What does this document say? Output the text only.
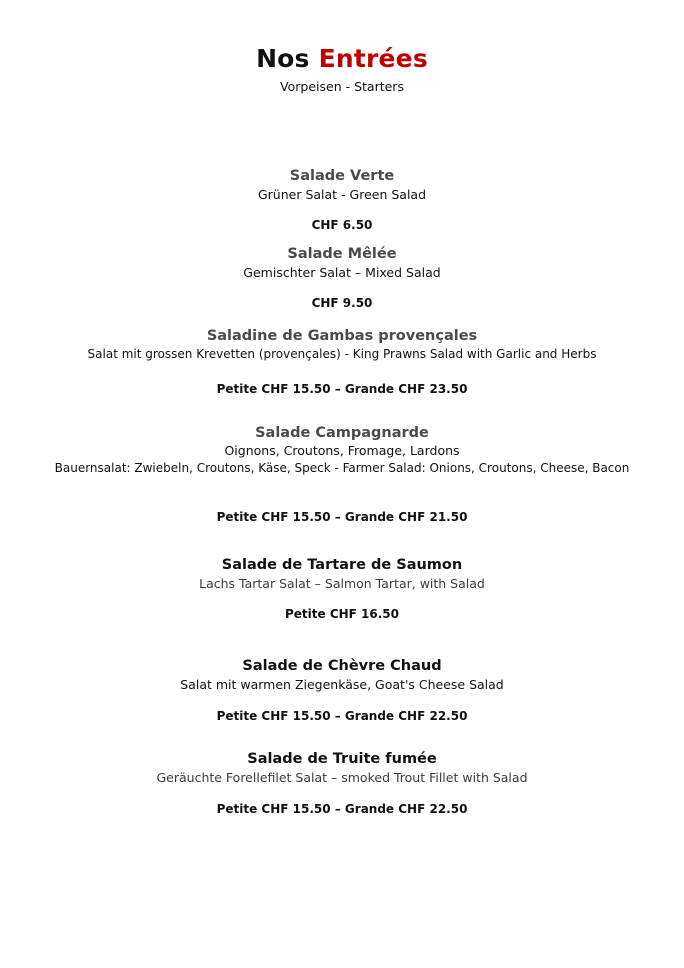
Nos Entrées
Vorpeisen - Starters
Salade Verte
Grüner Salat - Green Salad
CHF 6.50
Salade Mêlée
Gemischter Salat – Mixed Salad
CHF 9.50
Saladine de Gambas provençales
Salat mit grossen Krevetten (provençales) - King Prawns Salad with Garlic and Herbs
Petite CHF 15.50 – Grande CHF 23.50
Salade Campagnarde
Oignons, Croutons, Fromage, Lardons
Bauernsalat: Zwiebeln, Croutons, Käse, Speck - Farmer Salad: Onions, Croutons, Cheese, Bacon
Petite CHF 15.50 – Grande CHF 21.50
Salade de Tartare de Saumon
Lachs Tartar Salat – Salmon Tartar, with Salad
Petite CHF 16.50
Salade de Chèvre Chaud
Salat mit warmen Ziegenkäse, Goat's Cheese Salad
Petite CHF 15.50 – Grande CHF 22.50
Salade de Truite fumée
Geräuchte Forellefilet Salat – smoked Trout Fillet with Salad
Petite CHF 15.50 – Grande CHF 22.50
